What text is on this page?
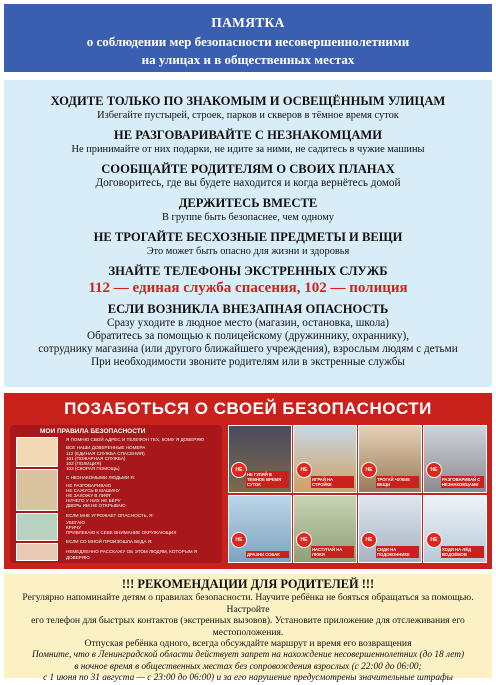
ПАМЯТКА
о соблюдении мер безопасности несовершеннолетними
на улицах и в общественных местах
ХОДИТЕ ТОЛЬКО ПО ЗНАКОМЫМ И ОСВЕЩЁННЫМ УЛИЦАМ
Избегайте пустырей, строек, парков и скверов в тёмное время суток
НЕ РАЗГОВАРИВАЙТЕ С НЕЗНАКОМЦАМИ
Не принимайте от них подарки, не идите за ними, не садитесь в чужие машины
СООБЩАЙТЕ РОДИТЕЛЯМ О СВОИХ ПЛАНАХ
Договоритесь, где вы будете находится и когда вернётесь домой
ДЕРЖИТЕСЬ ВМЕСТЕ
В группе быть безопаснее, чем одному
НЕ ТРОГАЙТЕ БЕСХОЗНЫЕ ПРЕДМЕТЫ И ВЕЩИ
Это может быть опасно для жизни и здоровья
ЗНАЙТЕ ТЕЛЕФОНЫ ЭКСТРЕННЫХ СЛУЖБ
112 — единая служба спасения, 102 — полиция
ЕСЛИ ВОЗНИКЛА ВНЕЗАПНАЯ ОПАСНОСТЬ
Сразу уходите в людное место (магазин, остановка, школа)
Обратитесь за помощью к полицейскому (дружиннику, охраннику),
сотруднику магазина (или другого ближайшего учреждения), взрослым людям с детьми
При необходимости звоните родителям или в экстренные службы
ПОЗАБОТЬСЯ О СВОЕЙ БЕЗОПАСНОСТИ
МОИ ПРАВИЛА БЕЗОПАСНОСТИ
Я ПОМНЮ СВОЙ АДРЕС И ТЕЛЕФОН ТЕХ, КОМУ Я ДОВЕРЯЮ
ВСЕ НАШИ ДОВЕРЕННЫЕ НОМЕРА
112 (ЕДИНАЯ СЛУЖБА СПАСЕНИЯ)
101 (ПОЖАРНАЯ СЛУЖБА)
102 (ПОЛИЦИЯ)
103 (СКОРАЯ ПОМОЩЬ)
С НЕЗНАКОМЫМИ ЛЮДЬМИ Я:
НЕ РАЗГОВАРИВАЮ
НЕ САЖУСЬ В МАШИНУ
НЕ ЗАХОЖУ В ЛИФТ
НИЧЕГО У НИХ НЕ БЕРУ
ДВЕРЬ ИМ НЕ ОТКРЫВАЮ
ЕСЛИ МНЕ УГРОЖАЕТ ОПАСНОСТЬ, Я:
УБЕГАЮ
КРИЧУ
ПРИВЛЕКАЮ К СЕБЕ ВНИМАНИЕ ОКРУЖАЮЩИХ
ЕСЛИ СО МНОЙ ПРОИЗОШЛА БЕДА Я:
НЕМЕДЛЕННО РАССКАЖУ ОБ ЭТОМ ЛЮДЯМ, КОТОРЫМ Я ДОВЕРЯЮ
НЕ
НЕ ГУЛЯЙ В ТЕМНОЕ ВРЕМЯ СУТОК
НЕ
ИГРАЙ НА СТРОЙКЕ
НЕ
ТРОГАЙ ЧУЖИЕ ВЕЩИ
НЕ
РАЗГОВАРИВАЙ С НЕЗНАКОМЦАМИ
НЕ
ДРАЗНИ СОБАК
НЕ
НАСТУПАЙ НА ЛЮКИ
НЕ
СИДИ НА ПОДОКОННИКЕ
НЕ
ХОДИ НА ЛЁД ВОДОЁМОВ
!!! РЕКОМЕНДАЦИИ ДЛЯ РОДИТЕЛЕЙ !!!
Регулярно напоминайте детям о правилах безопасности. Научите ребёнка не бояться обращаться за помощью. Настройте
его телефон для быстрых контактов (экстренных вызовов). Установите приложение для отслеживания его местоположения.
Отпуская ребёнка одного, всегда обсуждайте маршрут и время его возвращения
Помните, что в Ленинградской области действует запрет на нахождение несовершеннолетних (до 18 лет)
в ночное время в общественных местах без сопровождения взрослых (с 22:00 до 06:00;
с 1 июня по 31 августа — с 23:00 до 06:00) и за его нарушение предусмотрены значительные штрафы
